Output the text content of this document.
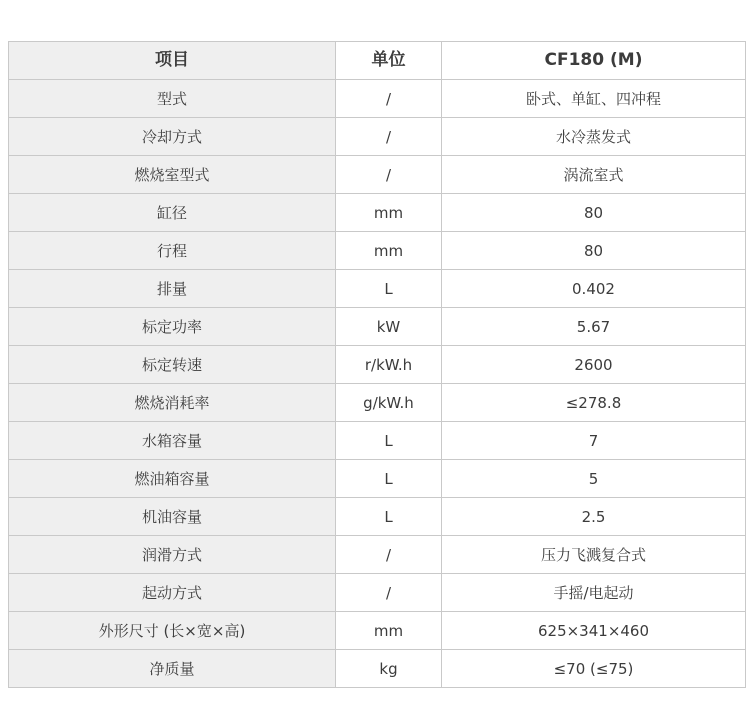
项目	单位	CF180 (M)
型式	/	卧式、单缸、四冲程
冷却方式	/	水冷蒸发式
燃烧室型式	/	涡流室式
缸径	mm	80
行程	mm	80
排量	L	0.402
标定功率	kW	5.67
标定转速	r/kW.h	2600
燃烧消耗率	g/kW.h	≤278.8
水箱容量	L	7
燃油箱容量	L	5
机油容量	L	2.5
润滑方式	/	压力飞溅复合式
起动方式	/	手摇/电起动
外形尺寸 (长×宽×高)	mm	625×341×460
净质量	kg	≤70 (≤75)
